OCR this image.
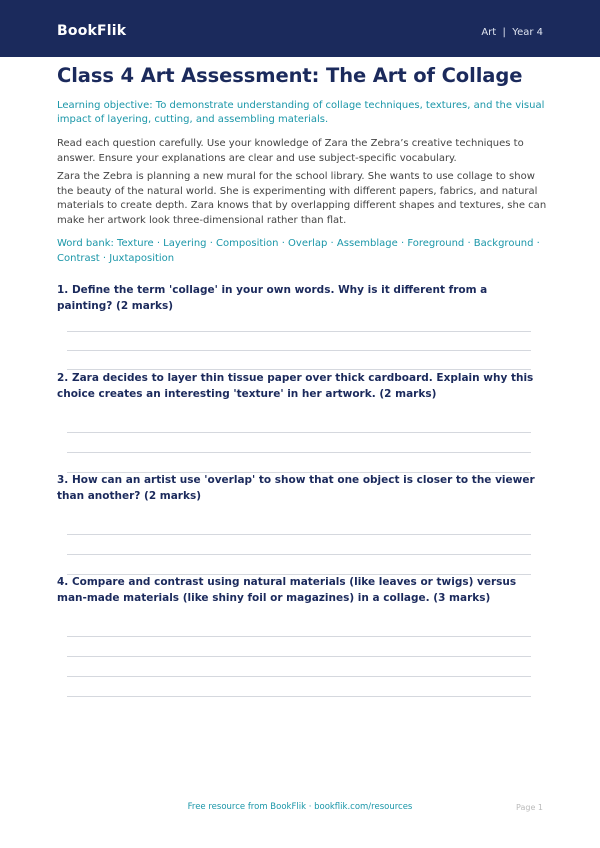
BookFlik	Art  |  Year 4
Class 4 Art Assessment: The Art of Collage
Learning objective: To demonstrate understanding of collage techniques, textures, and the visual impact of layering, cutting, and assembling materials.
Read each question carefully. Use your knowledge of Zara the Zebra’s creative techniques to answer. Ensure your explanations are clear and use subject-specific vocabulary.
Zara the Zebra is planning a new mural for the school library. She wants to use collage to show the beauty of the natural world. She is experimenting with different papers, fabrics, and natural materials to create depth. Zara knows that by overlapping different shapes and textures, she can make her artwork look three-dimensional rather than flat.
Word bank: Texture · Layering · Composition · Overlap · Assemblage · Foreground · Background · Contrast · Juxtaposition
1. Define the term 'collage' in your own words. Why is it different from a painting? (2 marks)
2. Zara decides to layer thin tissue paper over thick cardboard. Explain why this choice creates an interesting 'texture' in her artwork. (2 marks)
3. How can an artist use 'overlap' to show that one object is closer to the viewer than another? (2 marks)
4. Compare and contrast using natural materials (like leaves or twigs) versus man-made materials (like shiny foil or magazines) in a collage. (3 marks)
Free resource from BookFlik · bookflik.com/resources	Page 1
